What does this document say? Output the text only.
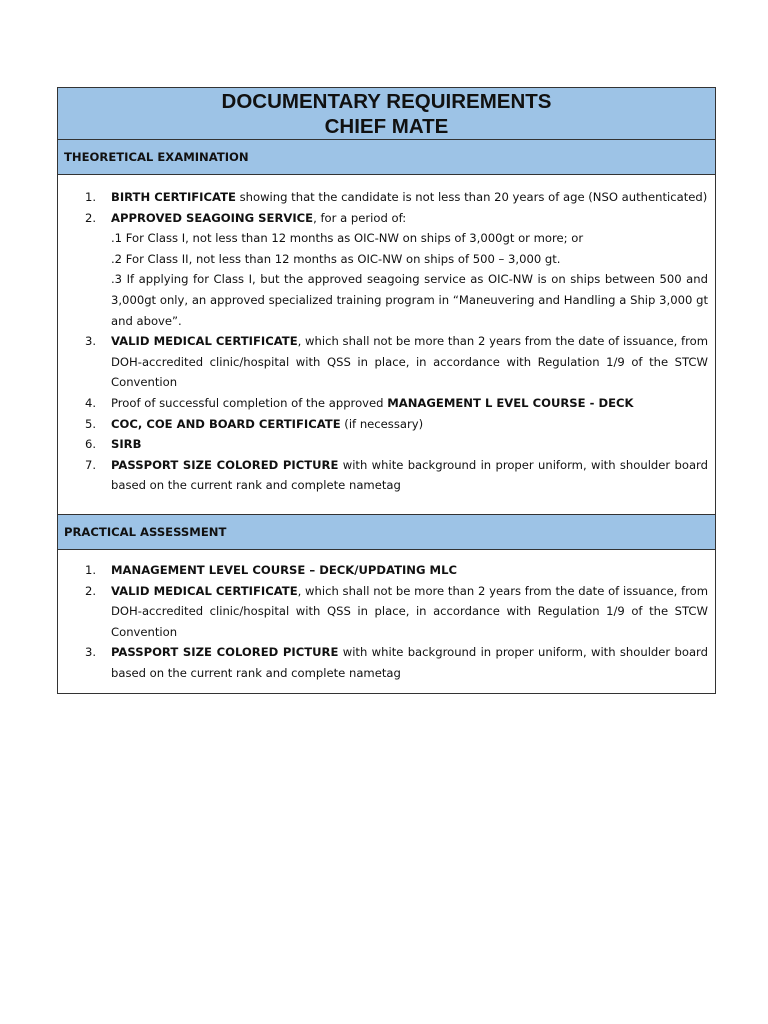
DOCUMENTARY REQUIREMENTS
CHIEF MATE
THEORETICAL EXAMINATION
1.	BIRTH CERTIFICATE showing that the candidate is not less than 20 years of age (NSO authenticated)
2.	APPROVED SEAGOING SERVICE, for a period of:
.1 For Class I, not less than 12 months as OIC-NW on ships of 3,000gt or more; or
.2 For Class II, not less than 12 months as OIC-NW on ships of 500 – 3,000 gt.
.3 If applying for Class I, but the approved seagoing service as OIC-NW is on ships between 500 and 3,000gt only, an approved specialized training program in “Maneuvering and Handling a Ship 3,000 gt and above”.
3.	VALID MEDICAL CERTIFICATE, which shall not be more than 2 years from the date of issuance, from DOH-accredited clinic/hospital with QSS in place, in accordance with Regulation 1/9 of the STCW Convention
4.	Proof of successful completion of the approved MANAGEMENT L EVEL COURSE - DECK
5.	COC, COE AND BOARD CERTIFICATE (if necessary)
6.	SIRB
7.	PASSPORT SIZE COLORED PICTURE with white background in proper uniform, with shoulder board based on the current rank and complete nametag
PRACTICAL ASSESSMENT
1.	MANAGEMENT LEVEL COURSE – DECK/UPDATING MLC
2.	VALID MEDICAL CERTIFICATE, which shall not be more than 2 years from the date of issuance, from DOH-accredited clinic/hospital with QSS in place, in accordance with Regulation 1/9 of the STCW Convention
3.	PASSPORT SIZE COLORED PICTURE with white background in proper uniform, with shoulder board based on the current rank and complete nametag
